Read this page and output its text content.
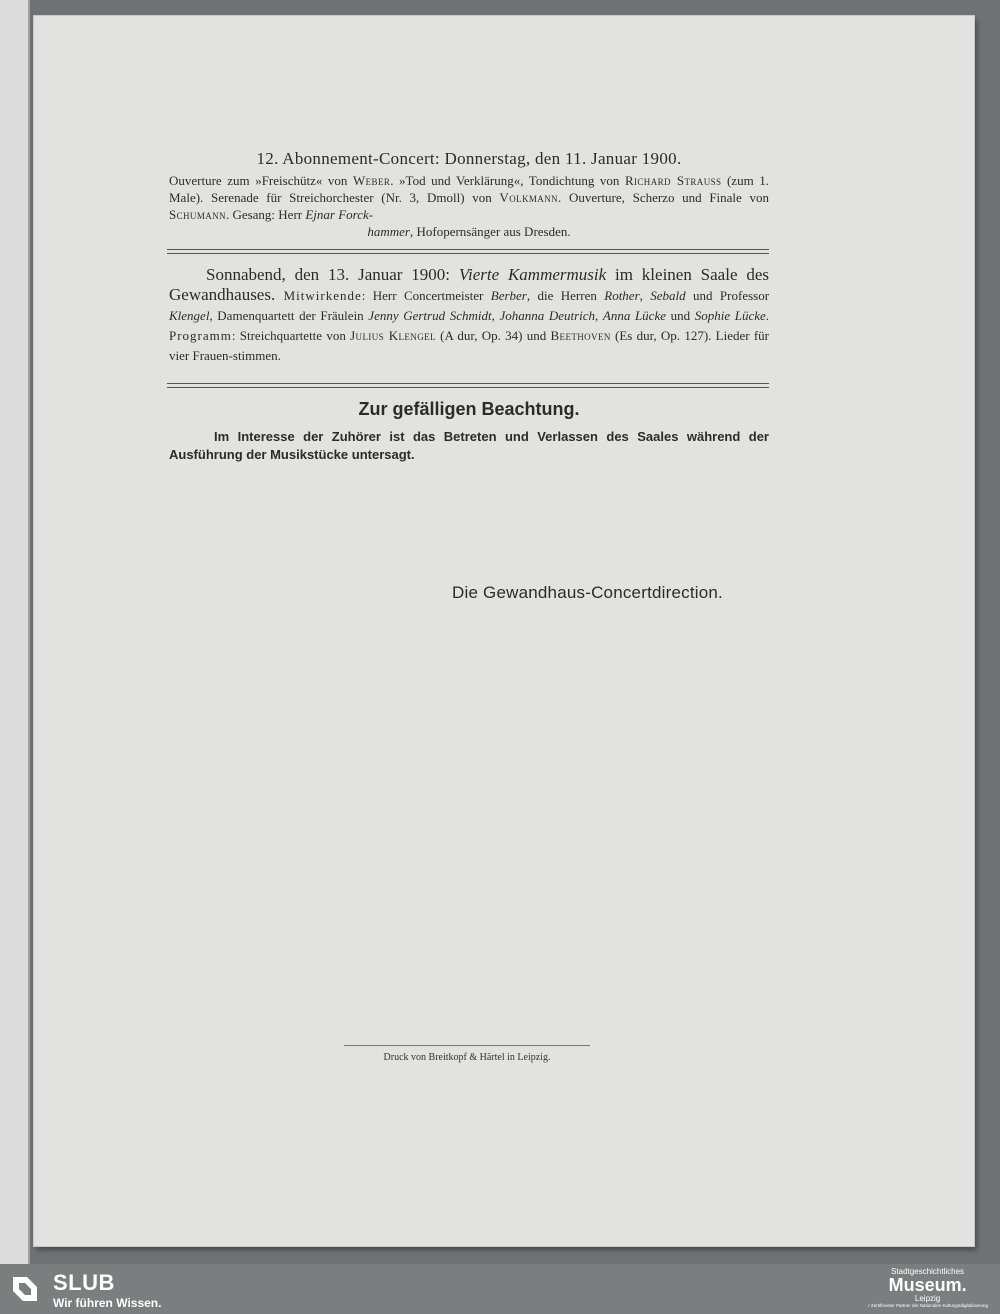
12. Abonnement-Concert: Donnerstag, den 11. Januar 1900.
Ouverture zum »Freischütz« von Weber. »Tod und Verklärung«, Tondichtung von Richard Strauss (zum 1. Male). Serenade für Streichorchester (Nr. 3, Dmoll) von Volkmann. Ouverture, Scherzo und Finale von Schumann. Gesang: Herr Ejnar Forck-
hammer, Hofopernsänger aus Dresden.
Sonnabend, den 13. Januar 1900: Vierte Kammermusik im kleinen Saale des Gewandhauses. Mitwirkende: Herr Concertmeister Berber, die Herren Rother, Sebald und Professor Klengel, Damenquartett der Fräulein Jenny Gertrud Schmidt, Johanna Deutrich, Anna Lücke und Sophie Lücke. Programm: Streichquartette von Julius Klengel (A dur, Op. 34) und Beethoven (Es dur, Op. 127). Lieder für vier Frauen-stimmen.
Zur gefälligen Beachtung.
Im Interesse der Zuhörer ist das Betreten und Verlassen des Saales während der Ausführung der Musikstücke untersagt.
Die Gewandhaus-Concertdirection.
Druck von Breitkopf & Härtel in Leipzig.
SLUB
Wir führen Wissen.
Stadtgeschichtliches
Museum.
Leipzig
✓Zertifizierter Partner der Nationalen Kulturgutdigitalisierung
